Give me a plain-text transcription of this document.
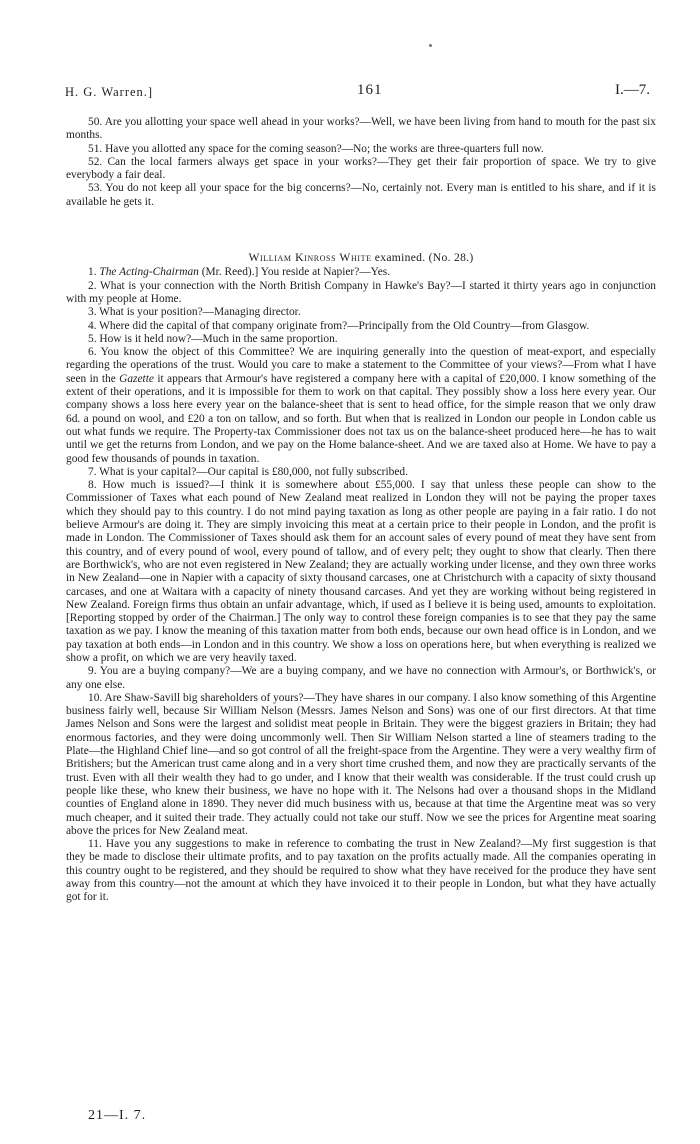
H. G. Warren.]	161	I.—7.

50. Are you allotting your space well ahead in your works?—Well, we have been living from hand to mouth for the past six months.

51. Have you allotted any space for the coming season?—No; the works are three-quarters full now.

52. Can the local farmers always get space in your works?—They get their fair proportion of space. We try to give everybody a fair deal.

53. You do not keep all your space for the big concerns?—No, certainly not. Every man is entitled to his share, and if it is available he gets it.

William Kinross White examined. (No. 28.)

1. The Acting-Chairman (Mr. Reed).] You reside at Napier?—Yes.

2. What is your connection with the North British Company in Hawke's Bay?—I started it thirty years ago in conjunction with my people at Home.

3. What is your position?—Managing director.

4. Where did the capital of that company originate from?—Principally from the Old Country—from Glasgow.

5. How is it held now?—Much in the same proportion.

6. You know the object of this Committee? We are inquiring generally into the question of meat-export, and especially regarding the operations of the trust. Would you care to make a statement to the Committee of your views?—From what I have seen in the Gazette it appears that Armour's have registered a company here with a capital of £20,000. I know something of the extent of their operations, and it is impossible for them to work on that capital. They possibly show a loss here every year. Our company shows a loss here every year on the balance-sheet that is sent to head office, for the simple reason that we only draw 6d. a pound on wool, and £20 a ton on tallow, and so forth. But when that is realized in London our people in London cable us out what funds we require. The Property-tax Commissioner does not tax us on the balance-sheet produced here—he has to wait until we get the returns from London, and we pay on the Home balance-sheet. And we are taxed also at Home. We have to pay a good few thousands of pounds in taxation.

7. What is your capital?—Our capital is £80,000, not fully subscribed.

8. How much is issued?—I think it is somewhere about £55,000. I say that unless these people can show to the Commissioner of Taxes what each pound of New Zealand meat realized in London they will not be paying the proper taxes which they should pay to this country. I do not mind paying taxation as long as other people are paying in a fair ratio. I do not believe Armour's are doing it. They are simply invoicing this meat at a certain price to their people in London, and the profit is made in London. The Commissioner of Taxes should ask them for an account sales of every pound of meat they have sent from this country, and of every pound of wool, every pound of tallow, and of every pelt; they ought to show that clearly. Then there are Borthwick's, who are not even registered in New Zealand; they are actually working under license, and they own three works in New Zealand—one in Napier with a capacity of sixty thousand carcases, one at Christchurch with a capacity of sixty thousand carcases, and one at Waitara with a capacity of ninety thousand carcases. And yet they are working without being registered in New Zealand. Foreign firms thus obtain an unfair advantage, which, if used as I believe it is being used, amounts to exploitation. [Reporting stopped by order of the Chairman.] The only way to control these foreign companies is to see that they pay the same taxation as we pay. I know the meaning of this taxation matter from both ends, because our own head office is in London, and we pay taxation at both ends—in London and in this country. We show a loss on operations here, but when everything is realized we show a profit, on which we are very heavily taxed.

9. You are a buying company?—We are a buying company, and we have no connection with Armour's, or Borthwick's, or any one else.

10. Are Shaw-Savill big shareholders of yours?—They have shares in our company. I also know something of this Argentine business fairly well, because Sir William Nelson (Messrs. James Nelson and Sons) was one of our first directors. At that time James Nelson and Sons were the largest and solidist meat people in Britain. They were the biggest graziers in Britain; they had enormous factories, and they were doing uncommonly well. Then Sir William Nelson started a line of steamers trading to the Plate—the Highland Chief line—and so got control of all the freight-space from the Argentine. They were a very wealthy firm of Britishers; but the American trust came along and in a very short time crushed them, and now they are practically servants of the trust. Even with all their wealth they had to go under, and I know that their wealth was considerable. If the trust could crush up people like these, who knew their business, we have no hope with it. The Nelsons had over a thousand shops in the Midland counties of England alone in 1890. They never did much business with us, because at that time the Argentine meat was so very much cheaper, and it suited their trade. They actually could not take our stuff. Now we see the prices for Argentine meat soaring above the prices for New Zealand meat.

11. Have you any suggestions to make in reference to combating the trust in New Zealand?—My first suggestion is that they be made to disclose their ultimate profits, and to pay taxation on the profits actually made. All the companies operating in this country ought to be registered, and they should be required to show what they have received for the produce they have sent away from this country—not the amount at which they have invoiced it to their people in London, but what they have actually got for it.

21—I. 7.
